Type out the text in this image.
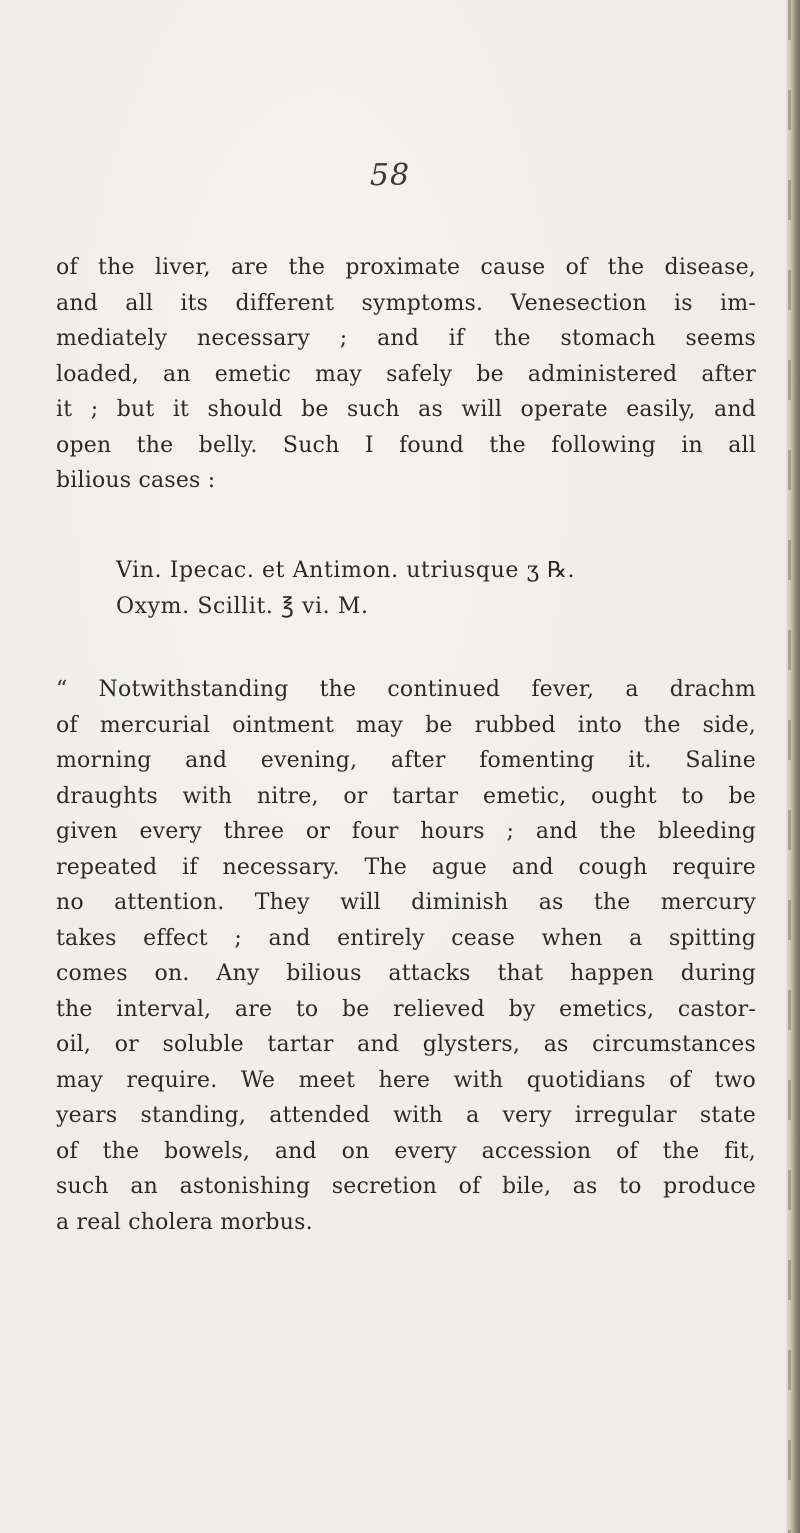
58
of the liver, are the proximate cause of the disease,
and all its different symptoms. Venesection is im-
mediately necessary ; and if the stomach seems
loaded, an emetic may safely be administered after
it ; but it should be such as will operate easily, and
open the belly. Such I found the following in all
bilious cases :
Vin. Ipecac. et Antimon. utriusque ʒ ℞.
Oxym. Scillit. ℥ vi. M.
“ Notwithstanding the continued fever, a drachm
of mercurial ointment may be rubbed into the side,
morning and evening, after fomenting it. Saline
draughts with nitre, or tartar emetic, ought to be
given every three or four hours ; and the bleeding
repeated if necessary. The ague and cough require
no attention. They will diminish as the mercury
takes effect ; and entirely cease when a spitting
comes on. Any bilious attacks that happen during
the interval, are to be relieved by emetics, castor-
oil, or soluble tartar and glysters, as circumstances
may require. We meet here with quotidians of two
years standing, attended with a very irregular state
of the bowels, and on every accession of the fit,
such an astonishing secretion of bile, as to produce
a real cholera morbus.
